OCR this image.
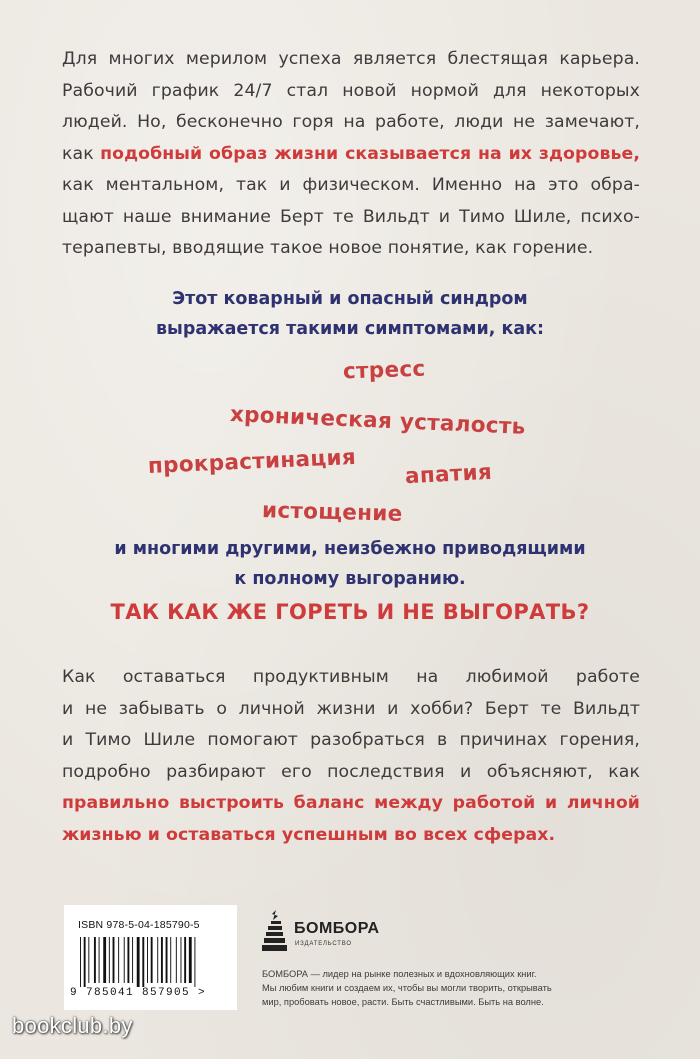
Для многих мерилом успеха является блестящая карьера.
Рабочий график 24/7 стал новой нормой для некоторых
людей. Но, бесконечно горя на работе, люди не замечают,
как подобный образ жизни сказывается на их здоровье,
как ментальном, так и физическом. Именно на это обра-
щают наше внимание Берт те Вильдт и Тимо Шиле, психо-
терапевты, вводящие такое новое понятие, как горение.
Этот коварный и опасный синдром
выражается такими симптомами, как:
стресс
хроническая усталость
прокрастинация апатия
истощение
и многими другими, неизбежно приводящими
к полному выгоранию.
ТАК КАК ЖЕ ГОРЕТЬ И НЕ ВЫГОРАТЬ?
Как оставаться продуктивным на любимой работе
и не забывать о личной жизни и хобби? Берт те Вильдт
и Тимо Шиле помогают разобраться в причинах горения,
подробно разбирают его последствия и объясняют, как
правильно выстроить баланс между работой и личной
жизнью и оставаться успешным во всех сферах.
ISBN 978-5-04-185790-5
9 785041 857905 >
БОМБОРА
ИЗДАТЕЛЬСТВО
БОМБОРА — лидер на рынке полезных и вдохновляющих книг.
Мы любим книги и создаем их, чтобы вы могли творить, открывать
мир, пробовать новое, расти. Быть счастливыми. Быть на волне.
bookclub.by
